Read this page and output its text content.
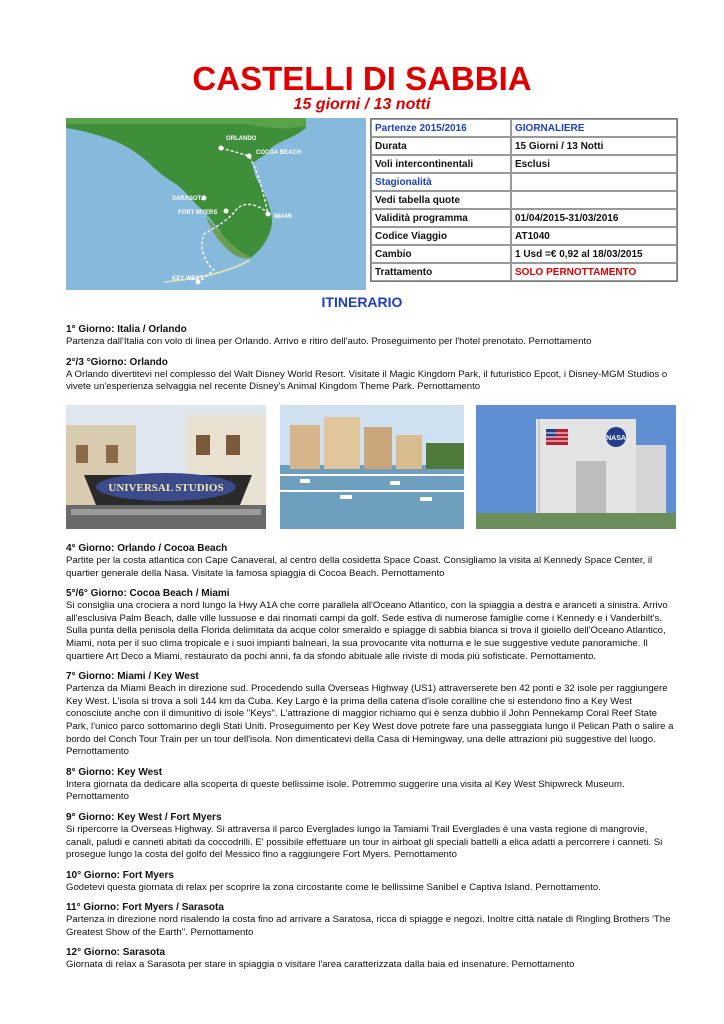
CASTELLI DI SABBIA
15 giorni / 13 notti
ORLANDO
COCOA BEACH
SARASOTA
FORT MYERS
MIAMI
KEY WEST
Partenze 2015/2016	GIORNALIERE
Durata	15 Giorni / 13 Notti
Voli intercontinentali	Esclusi
Stagionalità	
Vedi tabella quote	
Validità programma	01/04/2015-31/03/2016
Codice Viaggio	AT1040
Cambio	1 Usd =€ 0,92 al 18/03/2015
Trattamento	SOLO PERNOTTAMENTO
ITINERARIO
1° Giorno: Italia / Orlando

Partenza dall'Italia con volo di linea per Orlando. Arrivo e ritiro dell'auto. Proseguimento per l'hotel prenotato. Pernottamento

2°/3 °Giorno: Orlando

A Orlando divertitevi nel complesso del Walt Disney World Resort. Visitate il Magic Kingdom Park, il futuristico Epcot, i Disney-MGM Studios o vivete un'esperienza selvaggia nel recente Disney's Animal Kingdom Theme Park. Pernottamento

UNIVERSAL STUDIOS
NASA
4° Giorno: Orlando / Cocoa Beach

Partite per la costa atlantica con Cape Canaveral, al centro della cosidetta Space Coast. Consigliamo la visita al Kennedy Space Center, il quartier generale della Nasa. Visitate la famosa spiaggia di Cocoa Beach. Pernottamento

5°/6° Giorno: Cocoa Beach / Miami

Si consiglia una crociera a nord lungo la Hwy A1A che corre parallela all'Oceano Atlantico, con la spiaggia a destra e aranceti a sinistra. Arrivo all'esclusiva Palm Beach, dalle ville lussuose e dai rinomati campi da golf. Sede estiva di numerose famiglie come i Kennedy e i Vanderbilt's. Sulla punta della penisola della Florida delimitata da acque color smeraldo e spiagge di sabbia bianca si trova il gioiello dell'Oceano Atlantico, Miami, nota per il suo clima tropicale e i suoi impianti balneari, la sua provocante vita notturna e le sue suggestive vedute panoramiche. Il quartiere Art Deco a Miami, restaurato da pochi anni, fa da sfondo abituale alle riviste di moda più sofisticate. Pernottamento.

7° Giorno: Miami / Key West

Partenza da Miami Beach in direzione sud. Procedendo sulla Overseas Highway (US1) attraverserete ben 42 ponti e 32 isole per raggiungere Key West. L'isola si trova a soli 144 km da Cuba. Key Largo è la prima della catena d'isole coralline che si estendono fino a Key West conosciute anche con il dimunitivo di isole "Keys". L'attrazione di maggior richiamo qui è senza dubbio il John Pennekamp Coral Reef State Park, l'unico parco sottomarino degli Stati Uniti. Proseguimento per Key West dove potrete fare una passeggiata lungo il Pelican Path o salire a bordo del Conch Tour Train per un tour dell'isola. Non dimenticatevi della Casa di Hemingway, una delle attrazioni più suggestive del luogo. Pernottamento

8° Giorno: Key West

Intera giornata da dedicare alla scoperta di queste bellissime isole. Potremmo suggerire una visita al Key West Shipwreck Museum. Pernottamento

9° Giorno: Key West / Fort Myers

Si ripercorre la Overseas Highway. Si attraversa il parco Everglades lungo la Tamiami Trail Everglades è una vasta regione di mangrovie, canali, paludi e canneti abitati da coccodrilli. E' possibile effettuare un tour in airboat gli speciali battelli a elica adatti a percorrere i canneti. Si prosegue lungo la costa del golfo del Messico fino a raggiungere Fort Myers. Pernottamento

10° Giorno: Fort Myers

Godetevi questa giornata di relax per scoprire la zona circostante come le bellissime Sanibel e Captiva Island. Pernottamento.

11° Giorno: Fort Myers / Sarasota

Partenza in direzione nord risalendo la costa fino ad arrivare a Saratosa, ricca di spiagge e negozi. Inoltre città natale di Ringling Brothers 'The Greatest Show of the Earth". Pernottamento

12° Giorno: Sarasota

Giornata di relax a Sarasota per stare in spiaggia o visitare l'area caratterizzata dalla baia ed insenature. Pernottamento
